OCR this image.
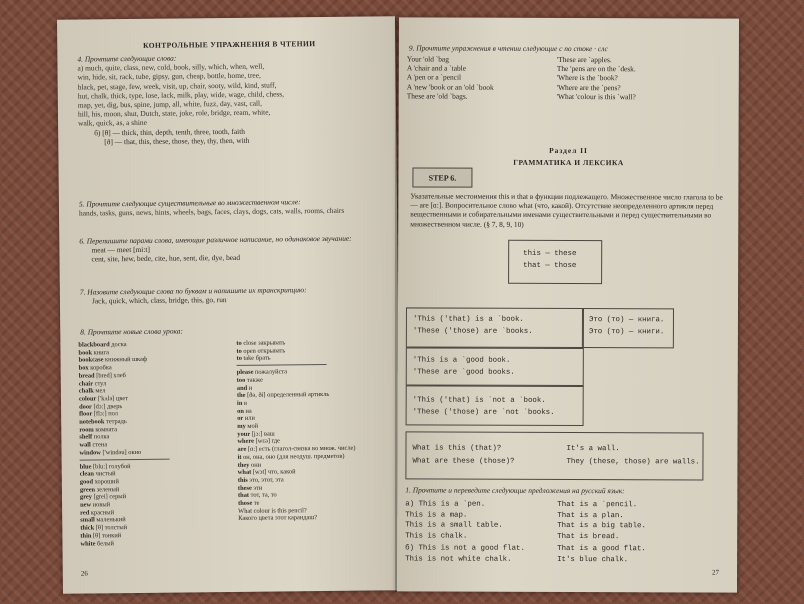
КОНТРОЛЬНЫЕ УПРАЖНЕНИЯ В ЧТЕНИИ
4. Прочтите следующие слова:
a) much, quite, class, new, cold, book, silly, which, when, well,
win, hide, sit, rack, tube, gipsy, gun, cheap, bottle, home, tree,
black, pet, stage, few, week, visit, up, chair, sooty, wild, kind, stuff,
hut, chalk, thick, type, lose, lack, milk, play, wide, wage, child, chess,
map, yet, dig, bus, spine, jump, all, white, fuzz, day, vast, call,
hill, his, moon, shut, Dutch, state, joke, role, bridge, ream, white,
walk, quick, as, a shine
б) [θ] — thick, thin, depth, tenth, three, tooth, faith
[ð] — that, this, these, those, they, thy, then, with
5. Прочтите следующие существительные во множественном числе:
hands, tasks, guns, news, hints, wheels, bags, faces, clays, dogs, cats, walls, rooms, chairs
6. Перепишите парами слова, имеющие различное написание, но одинаковое звучание:
meat — meet [mi:t]
cent, site, hew, bede, cite, hue, sent, die, dye, bead
7. Назовите следующие слова по буквам и напишите их транскрипцию:
Jack, quick, which, class, bridge, this, go, run
8. Прочтите новые слова урока:
blackboard доска
book книга
bookcase книжный шкаф
box коробка
bread [bred] хлеб
chair стул
chalk мел
colour ['kʌlə] цвет
door [dɔ:] дверь
floor [flɔ:] пол
notebook тетрадь
room комната
shelf полка
wall стена
window ['windəu] окно
blue [blu:] голубой
clean чистый
good хороший
green зеленый
grey [grei] серый
new новый
red красный
small маленький
thick [θ] толстый
thin [θ] тонкий
white белый
to close закрывать
to open открывать
to take брать
please пожалуйста
too также
and и
the [ðə, ði] определенный артикль
in в
on на
or или
my мой
your [jɔ:] ваш
where [wɛə] где
are [ɑ:] есть (глагол-связка во множ. числе)
it он, она, оно (для неодуш. предметов)
they они
what [wɔt] что, какой
this это, этот, эта
these эти
that тот, та, то
those те
What colour is this pencil?
Какого цвета этот карандаш?
26
9. Прочтите упражнения в чтении следующие с по стоке · слс
Your 'old `bag
A 'chair and a `table
A 'pen or a `pencil
A 'new 'book or an 'old `book
These are 'old `bags.
'These are `apples.
The 'pens are on the `desk.
'Where is the `book?
'Where are the `pens?
'What 'colour is this `wall?
Раздел II
ГРАММАТИКА И ЛЕКСИКА
STEP 6.
Указательные местоимения this и that в функции подлежащего. Множественное число глагола to be — are [ɑ:]. Вопросительное слово what (что, какой). Отсутствие неопределенного артикля перед вещественными и собирательными именами существительными и перед существительными во множественном числе. (§ 7, 8, 9, 10)
this — these
that — those
'This ('that) is a `book.
'These ('those) are `books.
Это (то) — книга.
Это (то) — книги.
'This is a `good book.
'These are `good books.
'This ('that) is `not a `book.
'These ('those) are `not `books.
What is this (that)?
What are these (those)?
It's a wall.
They (these, those) are walls.
1. Прочтите и переведите следующие предложения на русский язык:
a) This is a `pen.
This is a map.
This is a small table.
This is chalk.
That is a `pencil.
That is a plan.
That is a big table.
That is bread.
б) This is not a good flat.
This is not white chalk.
That is a good flat.
It's blue chalk.
27
